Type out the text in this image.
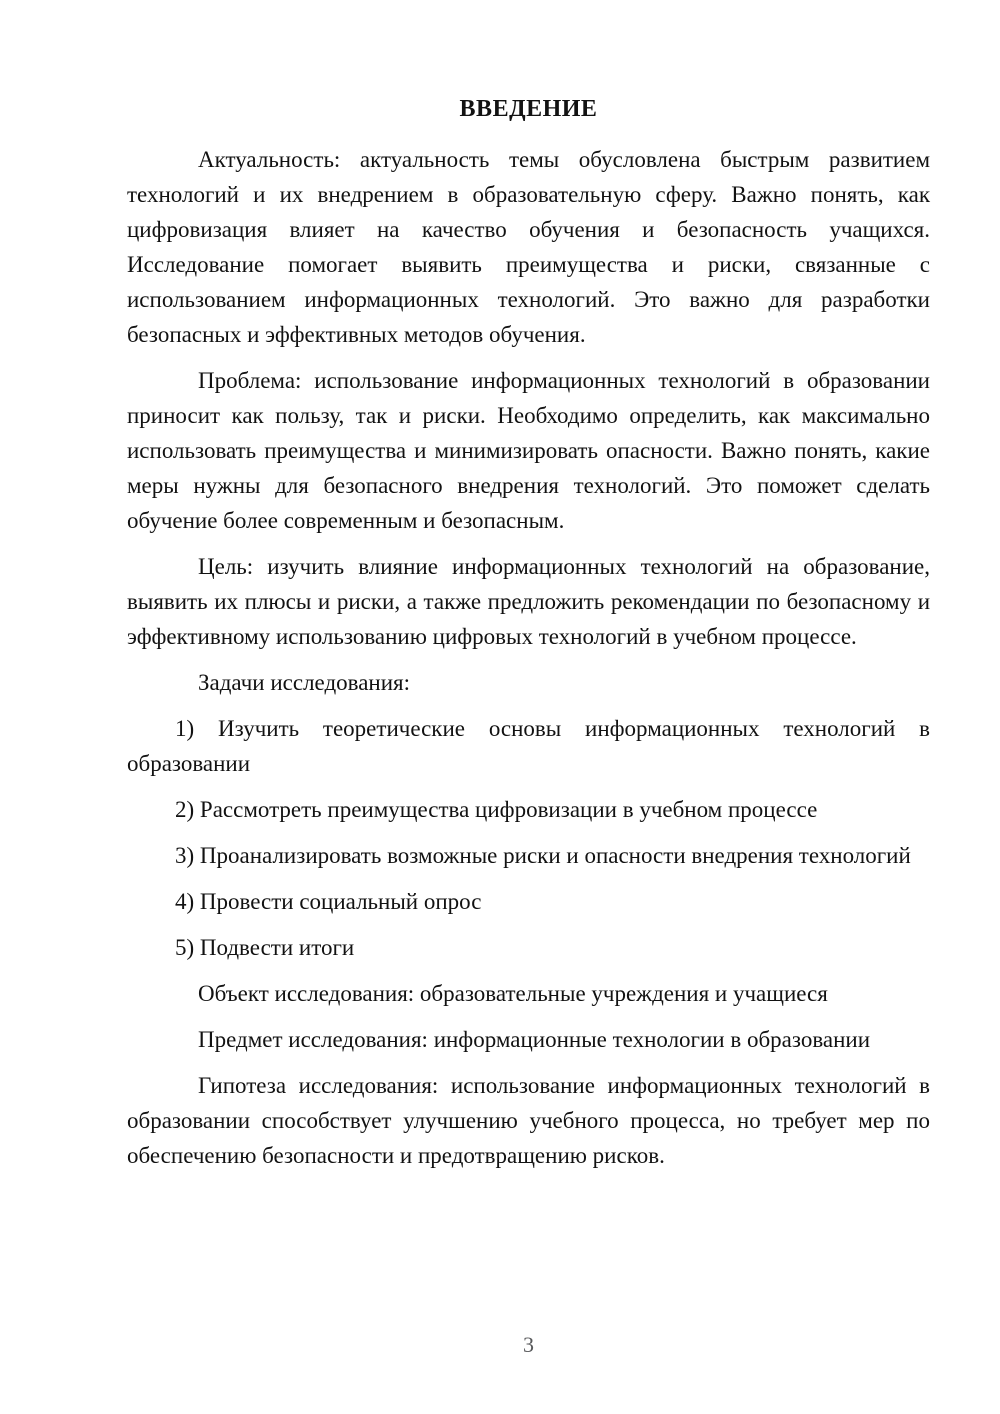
ВВЕДЕНИЕ

Актуальность: актуальность темы обусловлена быстрым развитием технологий и их внедрением в образовательную сферу. Важно понять, как цифровизация влияет на качество обучения и безопасность учащихся. Исследование помогает выявить преимущества и риски, связанные с использованием информационных технологий. Это важно для разработки безопасных и эффективных методов обучения.

Проблема: использование информационных технологий в образовании приносит как пользу, так и риски. Необходимо определить, как максимально использовать преимущества и минимизировать опасности. Важно понять, какие меры нужны для безопасного внедрения технологий. Это поможет сделать обучение более современным и безопасным.

Цель: изучить влияние информационных технологий на образование, выявить их плюсы и риски, а также предложить рекомендации по безопасному и эффективному использованию цифровых технологий в учебном процессе.

Задачи исследования:

1) Изучить теоретические основы информационных технологий в образовании

2) Рассмотреть преимущества цифровизации в учебном процессе

3) Проанализировать возможные риски и опасности внедрения технологий

4) Провести социальный опрос

5) Подвести итоги

Объект исследования: образовательные учреждения и учащиеся

Предмет исследования: информационные технологии в образовании

Гипотеза исследования: использование информационных технологий в образовании способствует улучшению учебного процесса, но требует мер по обеспечению безопасности и предотвращению рисков.

3
